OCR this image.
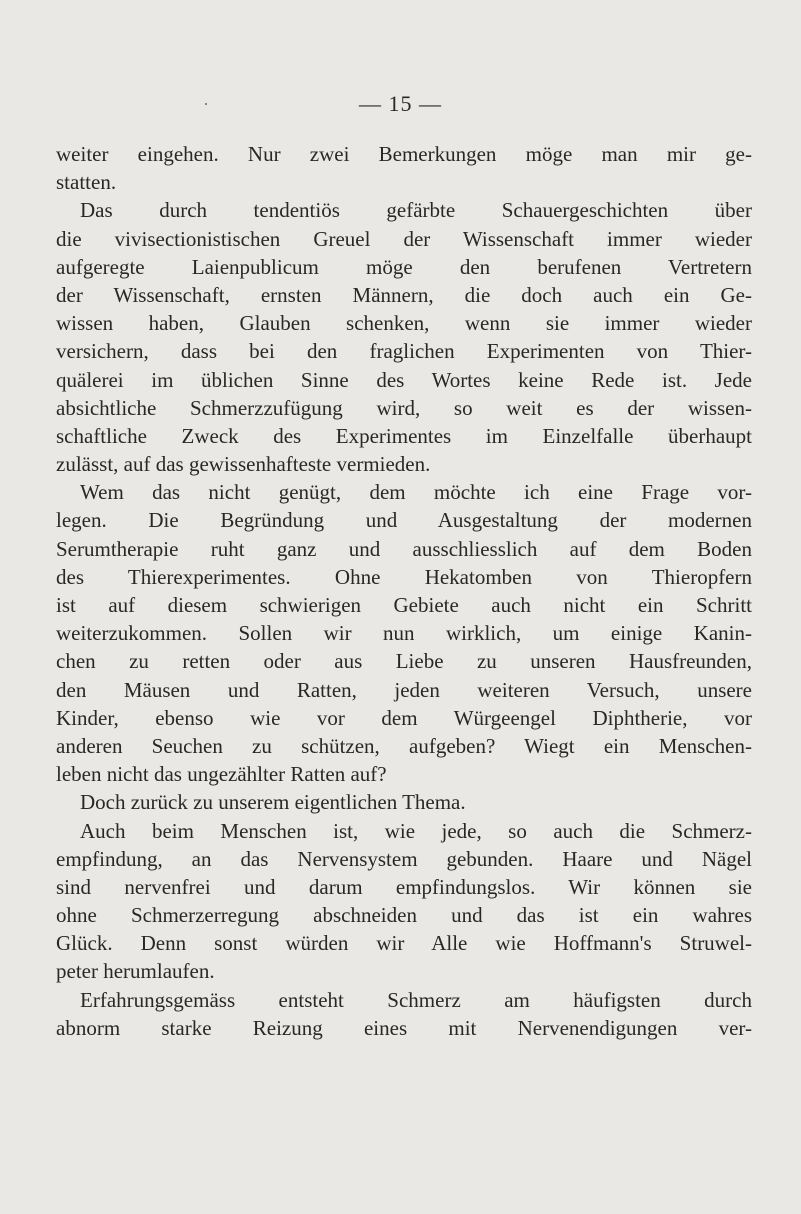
— 15 —
weiter eingehen. Nur zwei Bemerkungen möge man mir ge-
statten.
Das durch tendentiös gefärbte Schauergeschichten über
die vivisectionistischen Greuel der Wissenschaft immer wieder
aufgeregte Laienpublicum möge den berufenen Vertretern
der Wissenschaft, ernsten Männern, die doch auch ein Ge-
wissen haben, Glauben schenken, wenn sie immer wieder
versichern, dass bei den fraglichen Experimenten von Thier-
quälerei im üblichen Sinne des Wortes keine Rede ist. Jede
absichtliche Schmerzzufügung wird, so weit es der wissen-
schaftliche Zweck des Experimentes im Einzelfalle überhaupt
zulässt, auf das gewissenhafteste vermieden.
Wem das nicht genügt, dem möchte ich eine Frage vor-
legen. Die Begründung und Ausgestaltung der modernen
Serumtherapie ruht ganz und ausschliesslich auf dem Boden
des Thierexperimentes. Ohne Hekatomben von Thieropfern
ist auf diesem schwierigen Gebiete auch nicht ein Schritt
weiterzukommen. Sollen wir nun wirklich, um einige Kanin-
chen zu retten oder aus Liebe zu unseren Hausfreunden,
den Mäusen und Ratten, jeden weiteren Versuch, unsere
Kinder, ebenso wie vor dem Würgeengel Diphtherie, vor
anderen Seuchen zu schützen, aufgeben? Wiegt ein Menschen-
leben nicht das ungezählter Ratten auf?
Doch zurück zu unserem eigentlichen Thema.
Auch beim Menschen ist, wie jede, so auch die Schmerz-
empfindung, an das Nervensystem gebunden. Haare und Nägel
sind nervenfrei und darum empfindungslos. Wir können sie
ohne Schmerzerregung abschneiden und das ist ein wahres
Glück. Denn sonst würden wir Alle wie Hoffmann's Struwel-
peter herumlaufen.
Erfahrungsgemäss entsteht Schmerz am häufigsten durch
abnorm starke Reizung eines mit Nervenendigungen ver-
